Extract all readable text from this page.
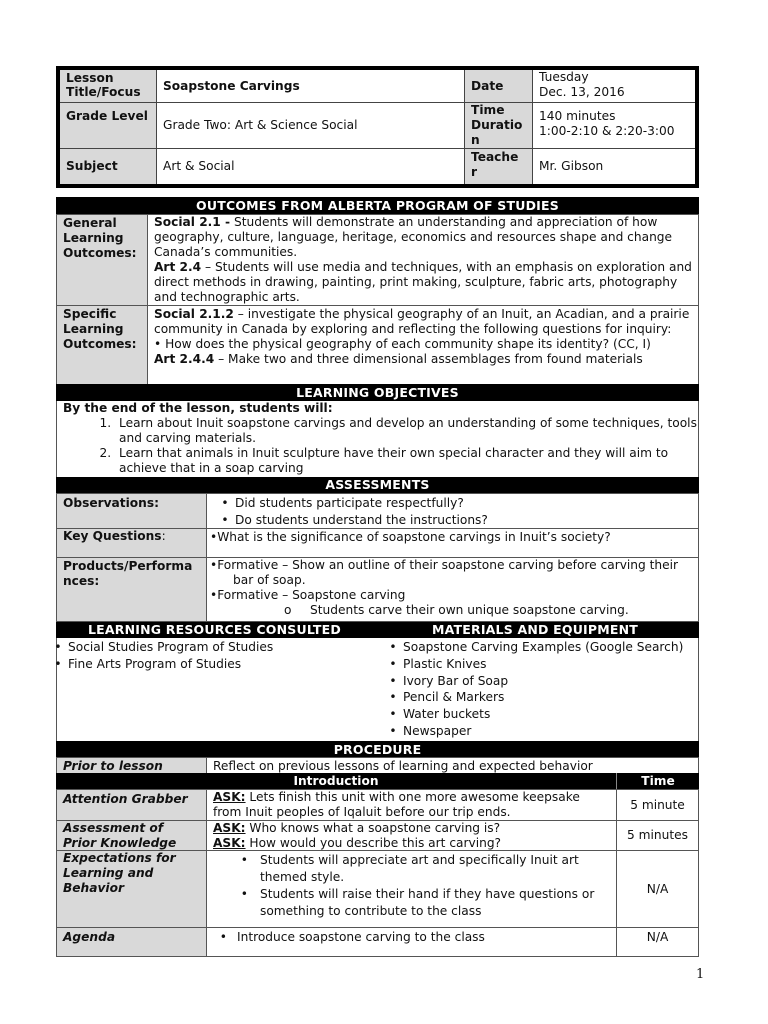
Lesson Title/Focus	Soapstone Carvings	Date
Tuesday
Dec. 13, 2016
Grade Level
Grade Two: Art & Science Social
Time Duratio n
140 minutes
1:00-2:10 & 2:20-3:00
Subject	Art & Social
Teache r	Mr. Gibson
OUTCOMES FROM ALBERTA PROGRAM OF STUDIES
General Learning Outcomes:
Social 2.1 - Students will demonstrate an understanding and appreciation of how geography, culture, language, heritage, economics and resources shape and change Canada’s communities.
Art 2.4 – Students will use media and techniques, with an emphasis on exploration and direct methods in drawing, painting, print making, sculpture, fabric arts, photography and technographic arts.
Specific Learning Outcomes:
Social 2.1.2 – investigate the physical geography of an Inuit, an Acadian, and a prairie community in Canada by exploring and reflecting the following questions for inquiry:
• How does the physical geography of each community shape its identity? (CC, I)
Art 2.4.4 – Make two and three dimensional assemblages from found materials
LEARNING OBJECTIVES
By the end of the lesson, students will:
1. Learn about Inuit soapstone carvings and develop an understanding of some techniques, tools and carving materials.
2. Learn that animals in Inuit sculpture have their own special character and they will aim to achieve that in a soap carving
ASSESSMENTS
Observations:
•	Did students participate respectfully?
• Do students understand the instructions?
Key Questions:	•What is the significance of soapstone carvings in Inuit’s society?
Products/Performa nces:
•Formative – Show an outline of their soapstone carving before carving their bar of soap.
•Formative – Soapstone carving
o Students carve their own unique soapstone carving.
LEARNING RESOURCES CONSULTED	MATERIALS AND EQUIPMENT
• Social Studies Program of Studies
• Fine Arts Program of Studies
• Soapstone Carving Examples (Google Search)
• Plastic Knives
• Ivory Bar of Soap
• Pencil & Markers
• Water buckets
• Newspaper
PROCEDURE
Prior to lesson	Reflect on previous lessons of learning and expected behavior
Introduction	Time
Attention Grabber	ASK: Lets finish this unit with one more awesome keepsake from Inuit peoples of Iqaluit before our trip ends.
5 minute
Assessment of Prior Knowledge
ASK: Who knows what a soapstone carving is?
ASK: How would you describe this art carving?
5 minutes
Expectations for Learning and Behavior
• Students will appreciate art and specifically Inuit art themed style.
• Students will raise their hand if they have questions or something to contribute to the class
N/A
Agenda	• Introduce soapstone carving to the class	N/A
1
